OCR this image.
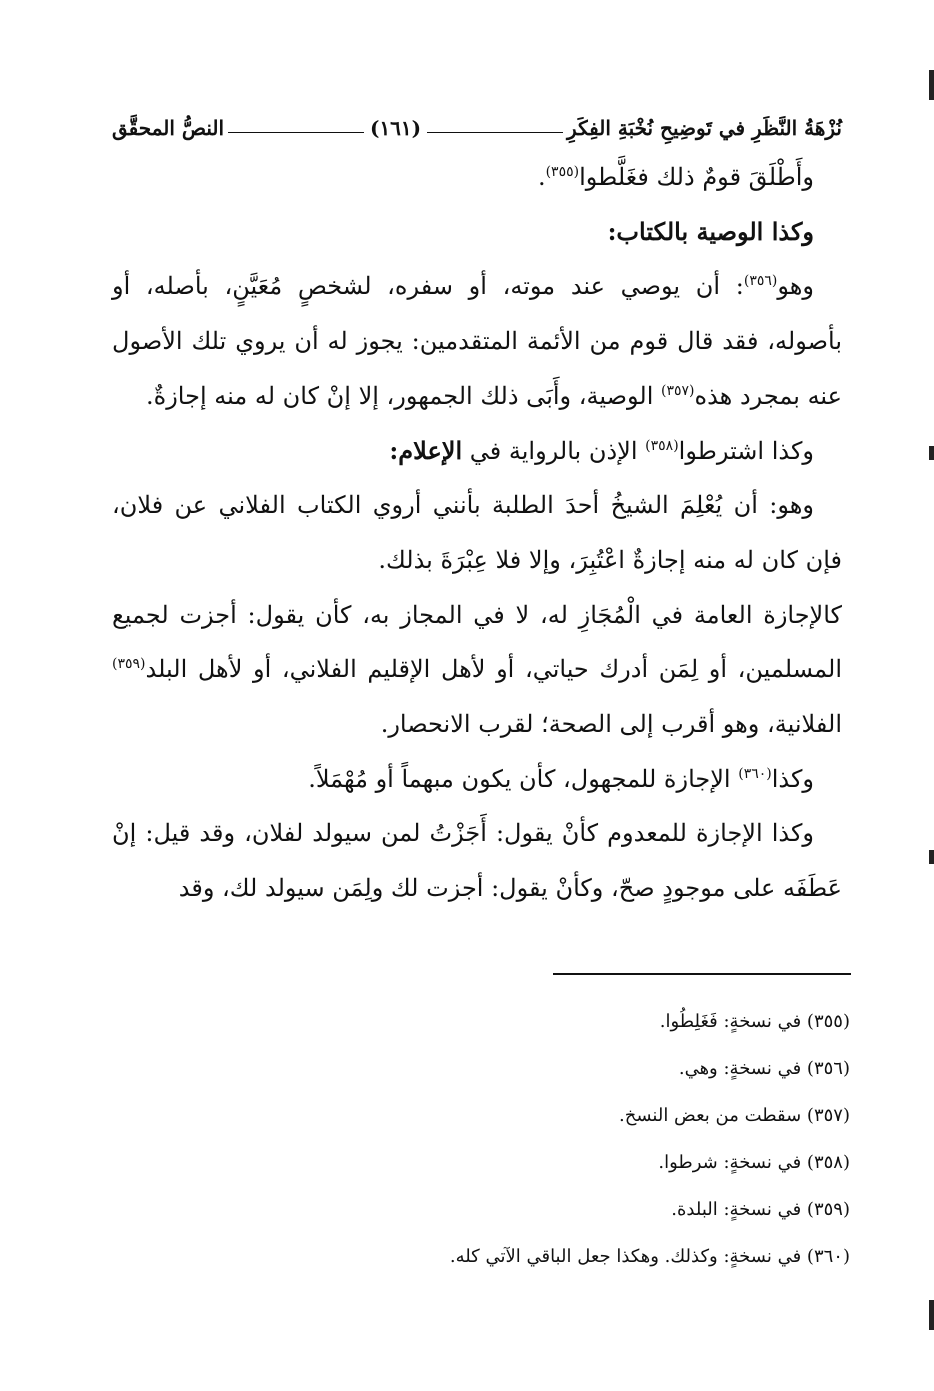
نُزْهَةُ النَّظَرِ في تَوضِيحِ نُخْبَةِ الفِكَرِ
(١٦١)
النصُّ المحقَّق

وأَطْلَقَ قومٌ ذلك فغَلَّطوا$^{(٣٥٥)}$.

وكذا الوصية بالكتاب:

وهو$^{(٣٥٦)}$: أن يوصي عند موته، أو سفره، لشخصٍ مُعَيَّنٍ، بأصله، أو بأصوله، فقد قال قوم من الأئمة المتقدمين: يجوز له أن يروي تلك الأصول عنه بمجرد هذه$^{(٣٥٧)}$ الوصية، وأَبَى ذلك الجمهور، إلا إنْ كان له منه إجازةٌ.

وكذا اشترطوا$^{(٣٥٨)}$ الإذن بالرواية في الإعلام:

وهو: أن يُعْلِمَ الشيخُ أحدَ الطلبة بأنني أروي الكتاب الفلاني عن فلان، فإن كان له منه إجازةٌ اعْتُبِرَ، وإلا فلا عِبْرَةَ بذلك.

كالإجازة العامة في الْمُجَازِ له، لا في المجاز به، كأن يقول: أجزت لجميع المسلمين، أو لِمَن أدرك حياتي، أو لأهل الإقليم الفلاني، أو لأهل البلد$^{(٣٥٩)}$ الفلانية، وهو أقرب إلى الصحة؛ لقرب الانحصار.

وكذا$^{(٣٦٠)}$ الإجازة للمجهول، كأن يكون مبهماً أو مُهْمَلاً.

وكذا الإجازة للمعدوم كأنْ يقول: أَجَزْتُ لمن سيولد لفلان، وقد قيل: إنْ عَطَفَه على موجودٍ صحّ، وكأنْ يقول: أجزت لك ولِمَن سيولد لك، وقد

(٣٥٥) في نسخةٍ: فَغَلِطُوا.
(٣٥٦) في نسخةٍ: وهي.
(٣٥٧) سقطت من بعض النسخ.
(٣٥٨) في نسخةٍ: شرطوا.
(٣٥٩) في نسخةٍ: البلدة.
(٣٦٠) في نسخةٍ: وكذلك. وهكذا جعل الباقي الآتي كله.
